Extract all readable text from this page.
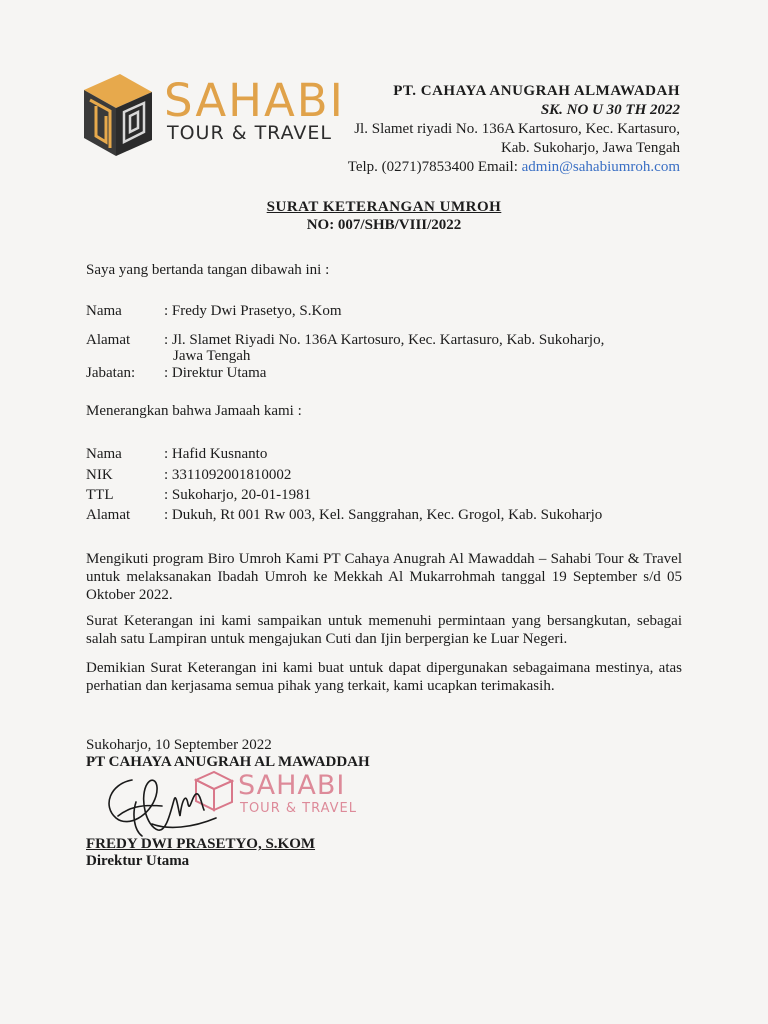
SAHABI
TOUR & TRAVEL
PT. CAHAYA ANUGRAH ALMAWADAH
SK. NO U 30 TH 2022
Jl. Slamet riyadi No. 136A Kartosuro, Kec. Kartasuro,
Kab. Sukoharjo, Jawa Tengah
Telp. (0271)7853400 Email: admin@sahabiumroh.com
SURAT KETERANGAN UMROH
NO: 007/SHB/VIII/2022
Saya yang bertanda tangan dibawah ini :
Nama	: Fredy Dwi Prasetyo, S.Kom
Alamat : Jl. Slamet Riyadi No. 136A Kartosuro, Kec. Kartasuro, Kab. Sukoharjo,
Jawa Tengah
Jabatan: : Direktur Utama
Menerangkan bahwa Jamaah kami :
Nama	: Hafid Kusnanto
NIK	: 3311092001810002
TTL	: Sukoharjo, 20-01-1981
Alamat : Dukuh, Rt 001 Rw 003, Kel. Sanggrahan, Kec. Grogol, Kab. Sukoharjo
Mengikuti program Biro Umroh Kami PT Cahaya Anugrah Al Mawaddah – Sahabi Tour & Travel untuk melaksanakan Ibadah Umroh ke Mekkah Al Mukarrohmah tanggal 19 September s/d 05 Oktober 2022.
Surat Keterangan ini kami sampaikan untuk memenuhi permintaan yang bersangkutan, sebagai salah satu Lampiran untuk mengajukan Cuti dan Ijin berpergian ke Luar Negeri.
Demikian Surat Keterangan ini kami buat untuk dapat dipergunakan sebagaimana mestinya, atas perhatian dan kerjasama semua pihak yang terkait, kami ucapkan terimakasih.
Sukoharjo, 10 September 2022
PT CAHAYA ANUGRAH AL MAWADDAH
SAHABI
TOUR & TRAVEL
FREDY DWI PRASETYO, S.KOM
Direktur Utama
